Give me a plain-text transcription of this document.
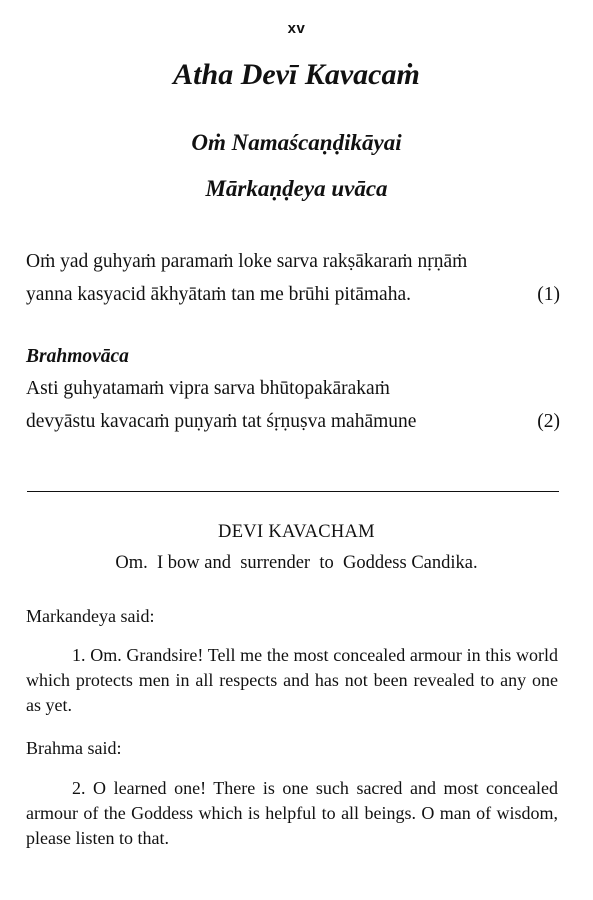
xv
Atha Devī Kavacaṁ
Oṁ Namaścaṇḍikāyai
Mārkaṇḍeya uvāca
Oṁ yad guhyaṁ paramaṁ loke sarva rakṣākaraṁ nṛṇāṁ
yanna kasyacid ākhyātaṁ tan me brūhi pitāmaha.	(1)
Brahmovāca
Asti guhyatamaṁ vipra sarva bhūtopakārakaṁ
devyāstu kavacaṁ puṇyaṁ tat śṛṇuṣva mahāmune	(2)
DEVI KAVACHAM
Om.  I bow and  surrender  to  Goddess Candika.
Markandeya said:
1. Om. Grandsire! Tell me the most concealed armour in this world which protects men in all respects and has not been revealed to any one as yet.
Brahma said:
2. O learned one! There is one such sacred and most concealed armour of the Goddess which is helpful to all beings. O man of wisdom, please listen to that.
